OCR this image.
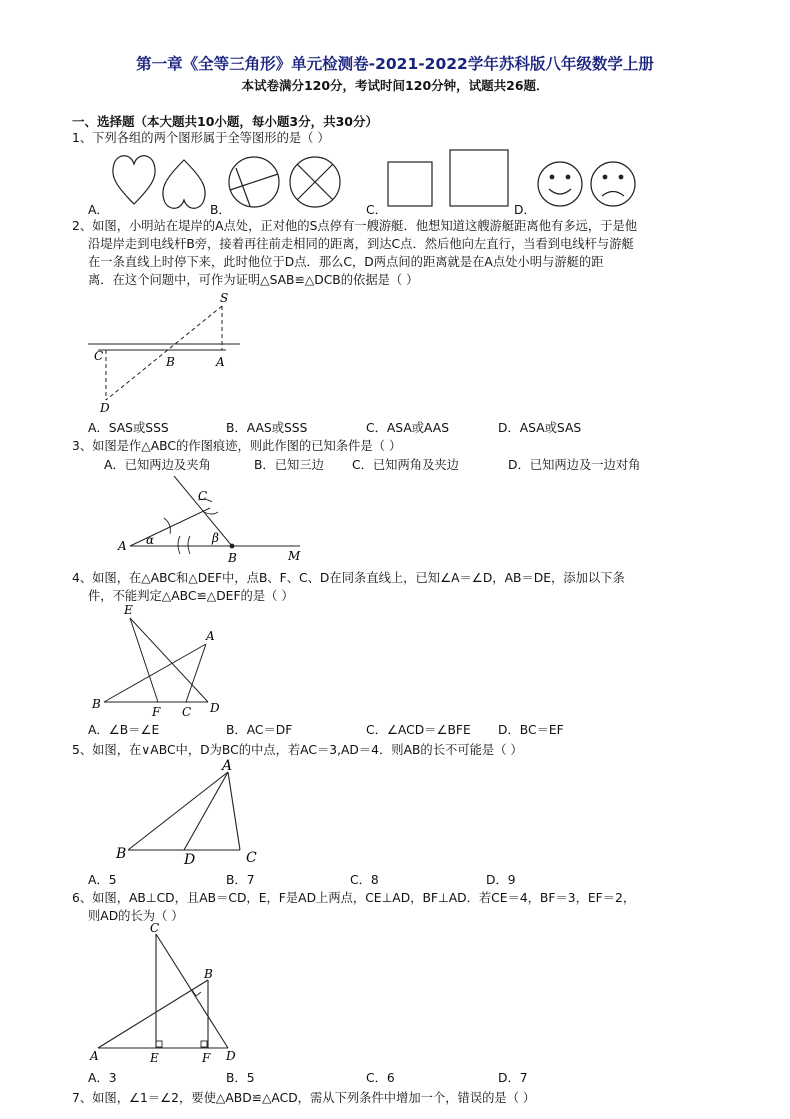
第一章《全等三角形》单元检测卷-2021-2022学年苏科版八年级数学上册
本试卷满分120分，考试时间120分钟，试题共26题．
一、选择题（本大题共10小题，每小题3分，共30分）
1、下列各组的两个图形属于全等图形的是（ ）
A．	B．	C．	D．
2、如图，小明站在堤岸的A点处，正对他的S点停有一艘游艇．他想知道这艘游艇距离他有多远，于是他
沿堤岸走到电线杆B旁，接着再往前走相同的距离，到达C点．然后他向左直行，当看到电线杆与游艇
在一条直线上时停下来，此时他位于D点．那么C，D两点间的距离就是在A点处小明与游艇的距
离．在这个问题中，可作为证明△SAB≌△DCB的依据是（ ）
S
C	B	A
D
A．SAS或SSS	B．AAS或SSS	C．ASA或AAS	D．ASA或SAS
3、如图是作△ABC的作图痕迹，则此作图的已知条件是（ ）
A．已知两边及夹角	B．已知三边 C．已知两角及夹边	D．已知两边及一边对角
A
B
C
M
α	β
4、如图，在△ABC和△DEF中，点B、F、C、D在同条直线上，已知∠A＝∠D，AB＝DE，添加以下条
件，不能判定△ABC≌△DEF的是（ ）
E
A
B
F C D
A．∠B＝∠E	B．AC＝DF	C．∠ACD＝∠BFE D．BC＝EF
5、如图，在∨ABC中，D为BC的中点，若AC＝3,AD＝4．则AB的长不可能是（ ）
A
B	D	C
A．5	B．7	C．8	D．9
6、如图，AB⊥CD，且AB＝CD，E，F是AD上两点，CE⊥AD，BF⊥AD．若CE＝4，BF＝3，EF＝2，
则AD的长为（ ）
C
B
A	E	F D
A．3	B．5	C．6	D．7
7、如图，∠1＝∠2，要使△ABD≌△ACD，需从下列条件中增加一个，错误的是（ ）
